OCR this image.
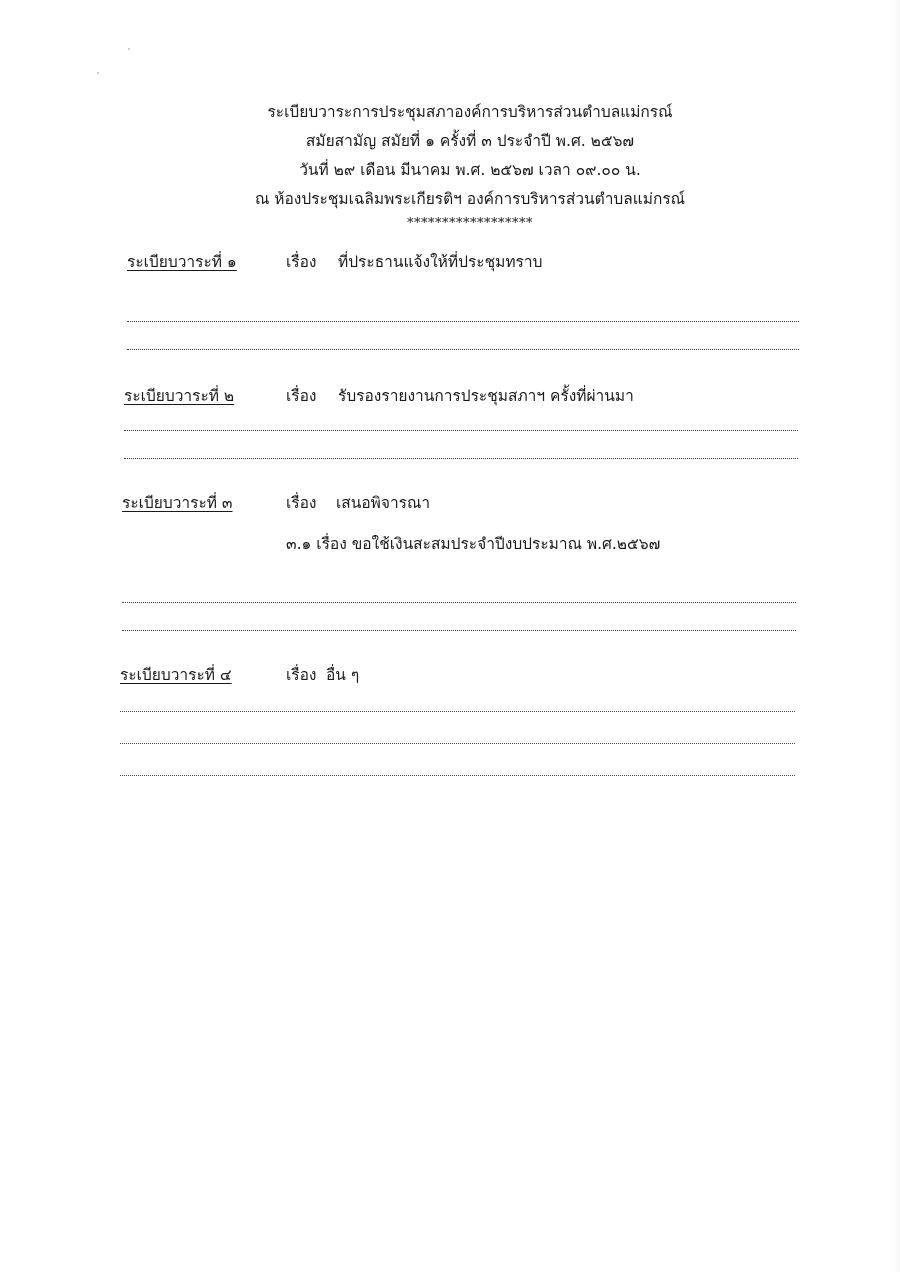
ระเบียบวาระการประชุมสภาองค์การบริหารส่วนตำบลแม่กรณ์
สมัยสามัญ สมัยที่ ๑ ครั้งที่ ๓ ประจำปี พ.ศ. ๒๕๖๗
วันที่ ๒๙ เดือน มีนาคม พ.ศ. ๒๕๖๗ เวลา ๐๙.๐๐ น.
ณ ห้องประชุมเฉลิมพระเกียรติฯ องค์การบริหารส่วนตำบลแม่กรณ์
******************
ระเบียบวาระที่ ๑	เรื่อง ที่ประธานแจ้งให้ที่ประชุมทราบ
ระเบียบวาระที่ ๒	เรื่อง รับรองรายงานการประชุมสภาฯ ครั้งที่ผ่านมา
ระเบียบวาระที่ ๓	เรื่อง เสนอพิจารณา
๓.๑ เรื่อง ขอใช้เงินสะสมประจำปีงบประมาณ พ.ศ.๒๕๖๗
ระเบียบวาระที่ ๔	เรื่อง อื่น ๆ
